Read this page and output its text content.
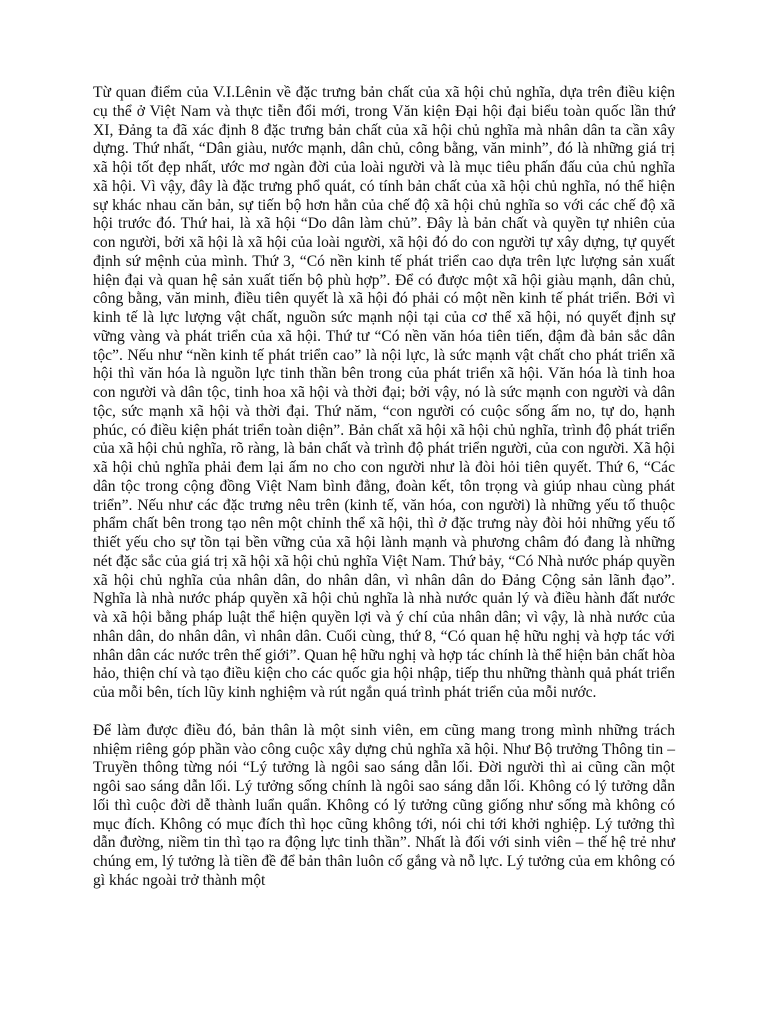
Từ quan điểm của V.I.Lênin về đặc trưng bản chất của xã hội chủ nghĩa, dựa trên điều kiện cụ thể ở Việt Nam và thực tiễn đổi mới, trong Văn kiện Đại hội đại biểu toàn quốc lần thứ XI, Đảng ta đã xác định 8 đặc trưng bản chất của xã hội chủ nghĩa mà nhân dân ta cần xây dựng. Thứ nhất, “Dân giàu, nước mạnh, dân chủ, công bằng, văn minh”, đó là những giá trị xã hội tốt đẹp nhất, ước mơ ngàn đời của loài người và là mục tiêu phấn đấu của chủ nghĩa xã hội. Vì vậy, đây là đặc trưng phổ quát, có tính bản chất của xã hội chủ nghĩa, nó thể hiện sự khác nhau căn bản, sự tiến bộ hơn hẳn của chế độ xã hội chủ nghĩa so với các chế độ xã hội trước đó. Thứ hai, là xã hội “Do dân làm chủ”. Đây là bản chất và quyền tự nhiên của con người, bởi xã hội là xã hội của loài người, xã hội đó do con người tự xây dựng, tự quyết định sứ mệnh của mình. Thứ 3, “Có nền kinh tế phát triển cao dựa trên lực lượng sản xuất hiện đại và quan hệ sản xuất tiến bộ phù hợp”. Để có được một xã hội giàu mạnh, dân chủ, công bằng, văn minh, điều tiên quyết là xã hội đó phải có một nền kinh tế phát triển. Bởi vì kinh tế là lực lượng vật chất, nguồn sức mạnh nội tại của cơ thể xã hội, nó quyết định sự vững vàng và phát triển của xã hội. Thứ tư “Có nền văn hóa tiên tiến, đậm đà bản sắc dân tộc”. Nếu như “nền kinh tế phát triển cao” là nội lực, là sức mạnh vật chất cho phát triển xã hội thì văn hóa là nguồn lực tinh thần bên trong của phát triển xã hội. Văn hóa là tinh hoa con người và dân tộc, tinh hoa xã hội và thời đại; bởi vậy, nó là sức mạnh con người và dân tộc, sức mạnh xã hội và thời đại. Thứ năm, “con người có cuộc sống ấm no, tự do, hạnh phúc, có điều kiện phát triển toàn diện”. Bản chất xã hội xã hội chủ nghĩa, trình độ phát triển của xã hội chủ nghĩa, rõ ràng, là bản chất và trình độ phát triển người, của con người. Xã hội xã hội chủ nghĩa phải đem lại ấm no cho con người như là đòi hỏi tiên quyết. Thứ 6, “Các dân tộc trong cộng đồng Việt Nam bình đẳng, đoàn kết, tôn trọng và giúp nhau cùng phát triển”. Nếu như các đặc trưng nêu trên (kinh tế, văn hóa, con người) là những yếu tố thuộc phẩm chất bên trong tạo nên một chỉnh thể xã hội, thì ở đặc trưng này đòi hỏi những yếu tố thiết yếu cho sự tồn tại bền vững của xã hội lành mạnh và phương châm đó đang là những nét đặc sắc của giá trị xã hội xã hội chủ nghĩa Việt Nam. Thứ bảy, “Có Nhà nước pháp quyền xã hội chủ nghĩa của nhân dân, do nhân dân, vì nhân dân do Đảng Cộng sản lãnh đạo”. Nghĩa là nhà nước pháp quyền xã hội chủ nghĩa là nhà nước quản lý và điều hành đất nước và xã hội bằng pháp luật thể hiện quyền lợi và ý chí của nhân dân; vì vậy, là nhà nước của nhân dân, do nhân dân, vì nhân dân. Cuối cùng, thứ 8, “Có quan hệ hữu nghị và hợp tác với nhân dân các nước trên thế giới”. Quan hệ hữu nghị và hợp tác chính là thể hiện bản chất hòa hảo, thiện chí và tạo điều kiện cho các quốc gia hội nhập, tiếp thu những thành quả phát triển của mỗi bên, tích lũy kinh nghiệm và rút ngắn quá trình phát triển của mỗi nước.

Để làm được điều đó, bản thân là một sinh viên, em cũng mang trong mình những trách nhiệm riêng góp phần vào công cuộc xây dựng chủ nghĩa xã hội. Như Bộ trưởng Thông tin – Truyền thông từng nói “Lý tưởng là ngôi sao sáng dẫn lối. Đời người thì ai cũng cần một ngôi sao sáng dẫn lối. Lý tưởng sống chính là ngôi sao sáng dẫn lối. Không có lý tưởng dẫn lối thì cuộc đời dễ thành luẩn quẩn. Không có lý tưởng cũng giống như sống mà không có mục đích. Không có mục đích thì học cũng không tới, nói chi tới khởi nghiệp. Lý tưởng thì dẫn đường, niềm tin thì tạo ra động lực tinh thần”. Nhất là đối với sinh viên – thế hệ trẻ như chúng em, lý tưởng là tiền đề để bản thân luôn cố gắng và nỗ lực. Lý tưởng của em không có gì khác ngoài trở thành một
